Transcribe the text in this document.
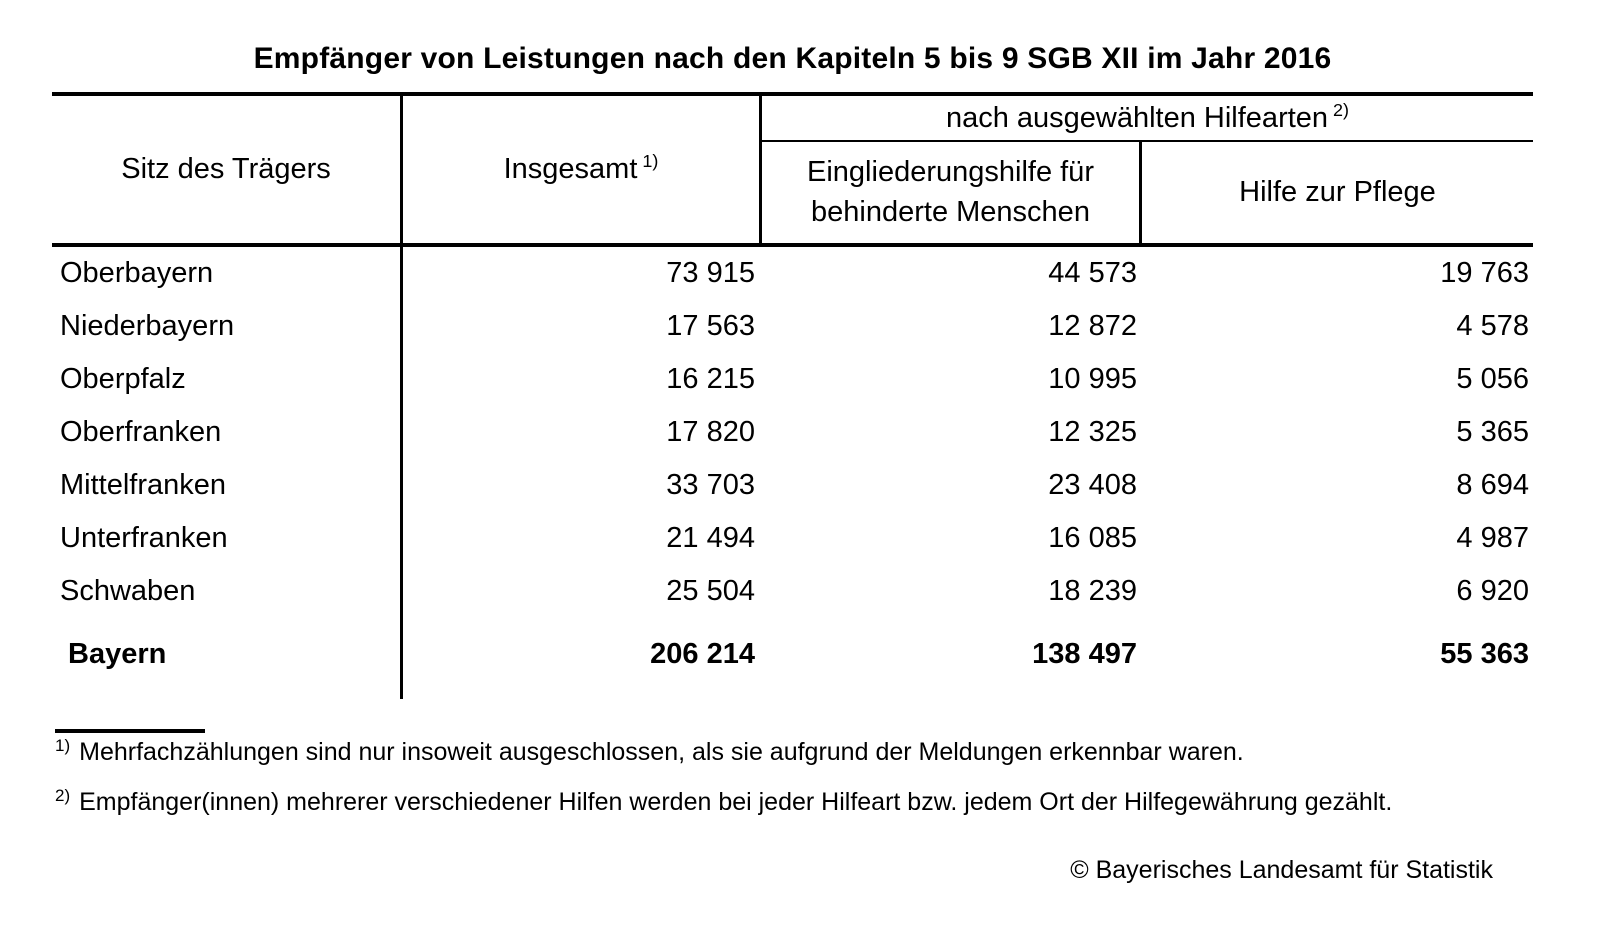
Empfänger von Leistungen nach den Kapiteln 5 bis 9 SGB XII im Jahr 2016
Sitz des Trägers	Insgesamt $^{1)}$
nach ausgewählten Hilfearten $^{2)}$
Eingliederungshilfe für behinderte Menschen
Hilfe zur Pflege
Oberbayern	73 915	44 573	19 763
Niederbayern	17 563	12 872	4 578
Oberpfalz	16 215	10 995	5 056
Oberfranken	17 820	12 325	5 365
Mittelfranken	33 703	23 408	8 694
Unterfranken	21 494	16 085	4 987
Schwaben	25 504	18 239	6 920
Bayern	206 214	138 497	55 363
$^{1)}$ Mehrfachzählungen sind nur insoweit ausgeschlossen, als sie aufgrund der Meldungen erkennbar waren.
$^{2)}$ Empfänger(innen) mehrerer verschiedener Hilfen werden bei jeder Hilfeart bzw. jedem Ort der Hilfegewährung gezählt.
© Bayerisches Landesamt für Statistik
